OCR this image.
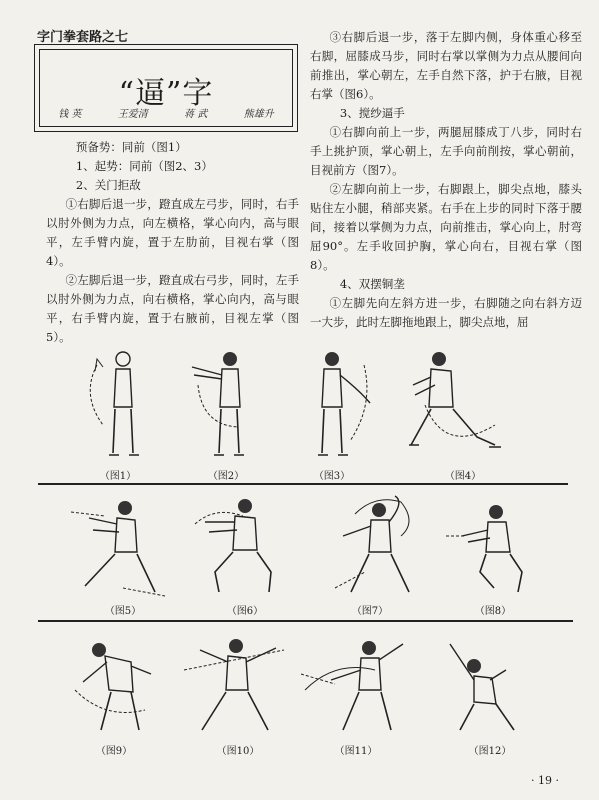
字门拳套路之七
“逼”字
钱 英	王爱清	蒋 武	熊雄升

预备势：同前（图1）

1、起势：同前（图2、3）

2、关门拒敌

①右脚后退一步，蹬直成左弓步，同时，右手以肘外侧为力点，向左横格，掌心向内，高与眼平，左手臂内旋，置于左肋前，目视右掌（图4）。

②左脚后退一步，蹬直成右弓步，同时，左手以肘外侧为力点，向右横格，掌心向内，高与眼平，右手臂内旋，置于右腋前，目视左掌（图5）。

③右脚后退一步，落于左脚内侧，身体重心移至右脚，屈膝成马步，同时右掌以掌侧为力点从腰间向前推出，掌心朝左，左手自然下落，护于右腋，目视右掌（图6）。

3、搅纱逼手

①右脚向前上一步，两腿屈膝成丁八步，同时右手上挑护顶，掌心朝上，左手向前削按，掌心朝前，目视前方（图7）。

②左脚向前上一步，右脚跟上，脚尖点地，膝头贴住左小腿，稍部夹紧。右手在上步的同时下落于腰间，接着以掌侧为力点，向前推击，掌心向上，肘弯屈90°。左手收回护胸，掌心向右，目视右掌（图8）。

4、双摆铜垄

①左脚先向左斜方进一步，右脚随之向右斜方迈一大步，此时左脚拖地跟上，脚尖点地，屈

（图1）	（图2）	（图3）	（图4）
（图5）	（图6）	（图7）	（图8）
（图9）	（图10）	（图11）	（图12）
· 19 ·
